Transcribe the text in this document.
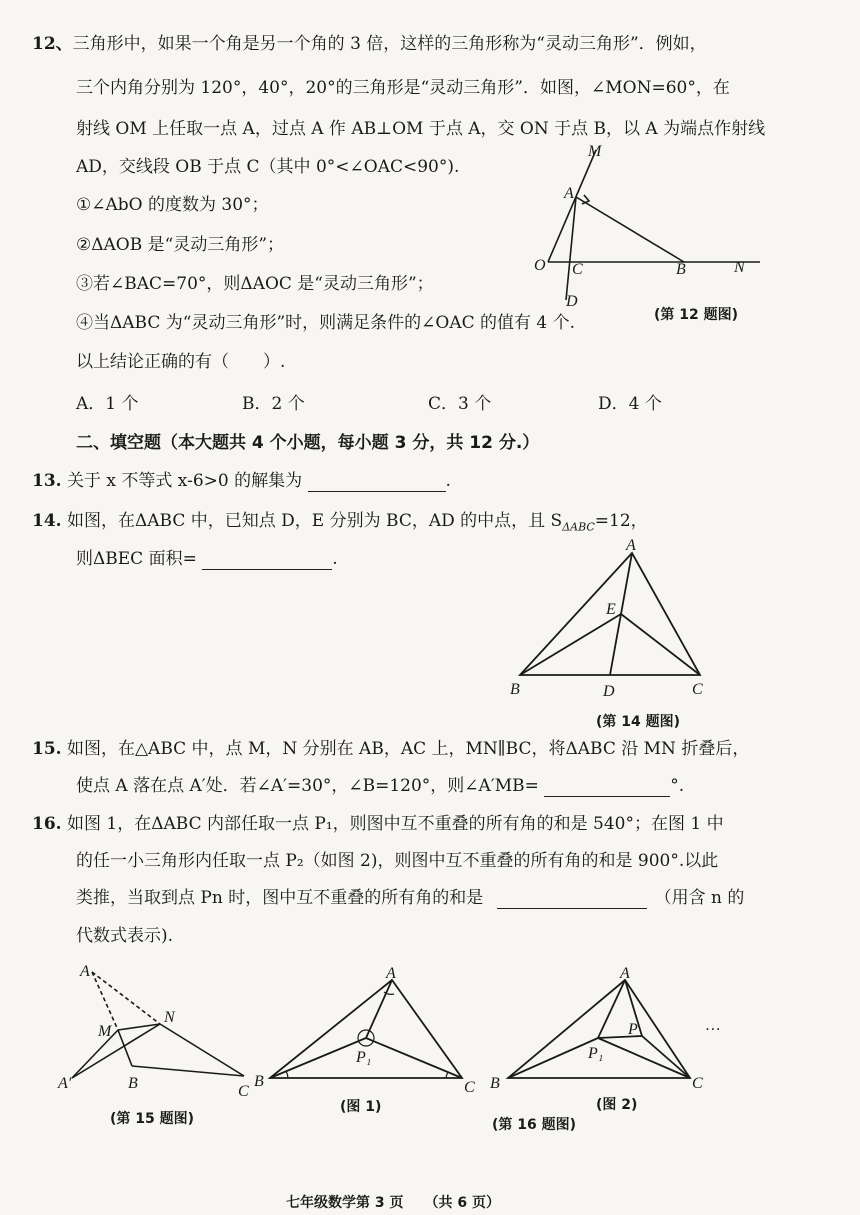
12、三角形中，如果一个角是另一个角的 3 倍，这样的三角形称为“灵动三角形”．例如，
三个内角分别为 120°，40°，20°的三角形是“灵动三角形”．如图，∠MON=60°，在
射线 OM 上任取一点 A，过点 A 作 AB⊥OM 于点 A，交 ON 于点 B，以 A 为端点作射线
AD，交线段 OB 于点 C（其中 0°<∠OAC<90°).
①∠AbO 的度数为 30°；
②ΔAOB 是“灵动三角形”；
③若∠BAC=70°，则ΔAOC 是“灵动三角形”；
④当ΔABC 为“灵动三角形”时，则满足条件的∠OAC 的值有 4 个.
以上结论正确的有（　　）.
A．1 个	B．2 个	C．3 个	D．4 个
M
A
O C	B	N
D
(第 12 题图)
二、填空题（本大题共 4 个小题，每小题 3 分，共 12 分.）
13. 关于 x 不等式 x-6>0 的解集为	.
14. 如图，在ΔABC 中，已知点 D，E 分别为 BC，AD 的中点，且 $S_{\Delta ABC}=12$，
则ΔBEC 面积=	.
A
E
B	D	C
(第 14 题图)
15. 如图，在△ABC 中，点 M，N 分别在 AB，AC 上，MN∥BC，将ΔABC 沿 MN 折叠后，
使点 A 落在点 A′处．若∠A′=30°，∠B=120°，则∠A′MB=	°.
16. 如图 1，在ΔABC 内部任取一点 P₁，则图中互不重叠的所有角的和是 540°；在图 1 中
的任一小三角形内任取一点 P₂（如图 2)，则图中互不重叠的所有角的和是 900°.以此
类推，当取到点 Pn 时，图中互不重叠的所有角的和是	（用含 n 的
代数式表示).
A
M
N
A′	B	C
(第 15 题图)
A
B	C
P₁
(图 1)
A
B	C
P₁
P	…
(图 2)
(第 16 题图)
七年级数学第 3 页　　（共 6 页）
